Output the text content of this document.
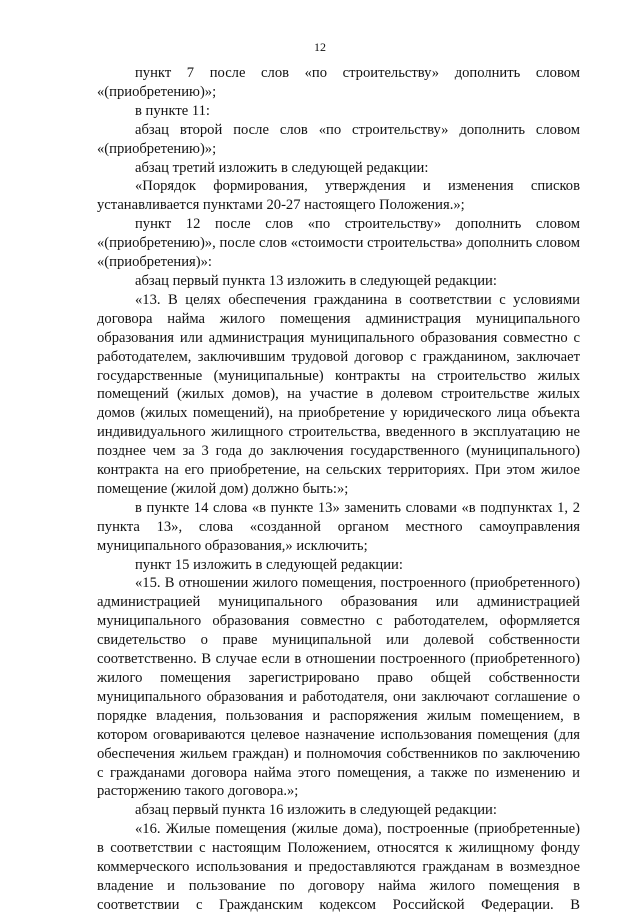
12

пункт 7 после слов «по строительству» дополнить словом «(приобретению)»;

в пункте 11:

абзац второй после слов «по строительству» дополнить словом «(приобретению)»;

абзац третий изложить в следующей редакции:

«Порядок формирования, утверждения и изменения списков устанавливается пунктами 20-27 настоящего Положения.»;

пункт 12 после слов «по строительству» дополнить словом «(приобретению)», после слов «стоимости строительства» дополнить словом «(приобретения)»:

абзац первый пункта 13 изложить в следующей редакции:

«13. В целях обеспечения гражданина в соответствии с условиями договора найма жилого помещения администрация муниципального образования или администрация муниципального образования совместно с работодателем, заключившим трудовой договор с гражданином, заключает государственные (муниципальные) контракты на строительство жилых помещений (жилых домов), на участие в долевом строительстве жилых домов (жилых помещений), на приобретение у юридического лица объекта индивидуального жилищного строительства, введенного в эксплуатацию не позднее чем за 3 года до заключения государственного (муниципального) контракта на его приобретение, на сельских территориях. При этом жилое помещение (жилой дом) должно быть:»;

в пункте 14 слова «в пункте 13» заменить словами «в подпунктах 1, 2 пункта 13», слова «созданной органом местного самоуправления муниципального образования,» исключить;

пункт 15 изложить в следующей редакции:

«15. В отношении жилого помещения, построенного (приобретенного) администрацией муниципального образования или администрацией муниципального образования совместно с работодателем, оформляется свидетельство о праве муниципальной или долевой собственности соответственно. В случае если в отношении построенного (приобретенного) жилого помещения зарегистрировано право общей собственности муниципального образования и работодателя, они заключают соглашение о порядке владения, пользования и распоряжения жилым помещением, в котором оговариваются целевое назначение использования помещения (для обеспечения жильем граждан) и полномочия собственников по заключению с гражданами договора найма этого помещения, а также по изменению и расторжению такого договора.»;

абзац первый пункта 16 изложить в следующей редакции:

«16. Жилые помещения (жилые дома), построенные (приобретенные) в соответствии с настоящим Положением, относятся к жилищному фонду коммерческого использования и предоставляются гражданам в возмездное владение и пользование по договору найма жилого помещения в соответствии с Гражданским кодексом Российской Федерации. В
